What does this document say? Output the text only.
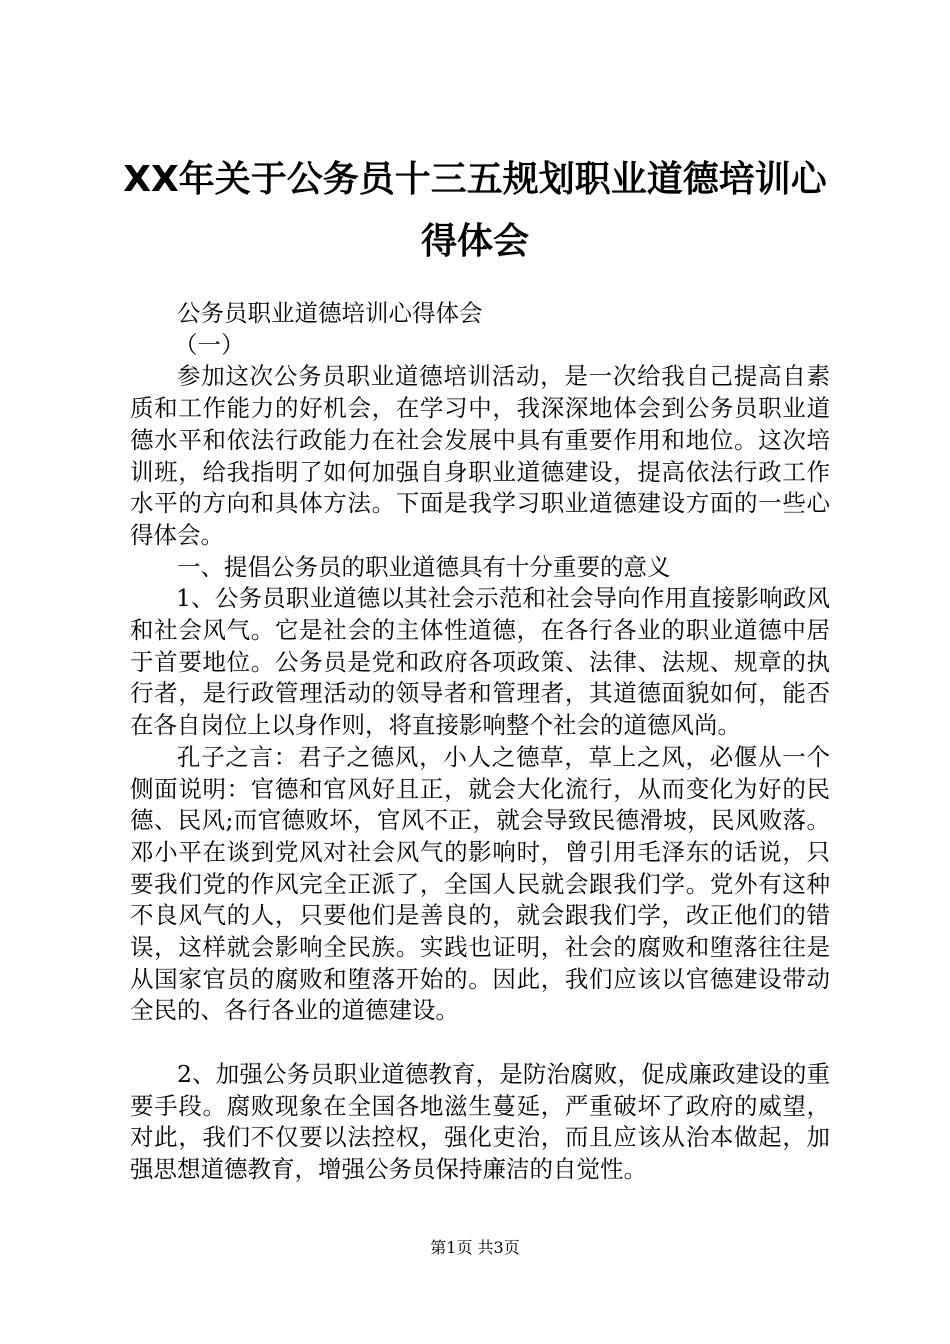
XX年关于公务员十三五规划职业道德培训心
得体会

公务员职业道德培训心得体会

（一）

参加这次公务员职业道德培训活动，是一次给我自己提高自素质和工作能力的好机会，在学习中，我深深地体会到公务员职业道德水平和依法行政能力在社会发展中具有重要作用和地位。这次培训班，给我指明了如何加强自身职业道德建设，提高依法行政工作水平的方向和具体方法。下面是我学习职业道德建设方面的一些心得体会。

一、提倡公务员的职业道德具有十分重要的意义

1、公务员职业道德以其社会示范和社会导向作用直接影响政风和社会风气。它是社会的主体性道德，在各行各业的职业道德中居于首要地位。公务员是党和政府各项政策、法律、法规、规章的执行者，是行政管理活动的领导者和管理者，其道德面貌如何，能否在各自岗位上以身作则，将直接影响整个社会的道德风尚。

孔子之言：君子之德风，小人之德草，草上之风，必偃从一个侧面说明：官德和官风好且正，就会大化流行，从而变化为好的民德、民风;而官德败坏，官风不正，就会导致民德滑坡，民风败落。邓小平在谈到党风对社会风气的影响时，曾引用毛泽东的话说，只要我们党的作风完全正派了，全国人民就会跟我们学。党外有这种不良风气的人，只要他们是善良的，就会跟我们学，改正他们的错误，这样就会影响全民族。实践也证明，社会的腐败和堕落往往是从国家官员的腐败和堕落开始的。因此，我们应该以官德建设带动全民的、各行各业的道德建设。

2、加强公务员职业道德教育，是防治腐败，促成廉政建设的重要手段。腐败现象在全国各地滋生蔓延，严重破坏了政府的威望，对此，我们不仅要以法控权，强化吏治，而且应该从治本做起，加强思想道德教育，增强公务员保持廉洁的自觉性。

第1页 共3页
